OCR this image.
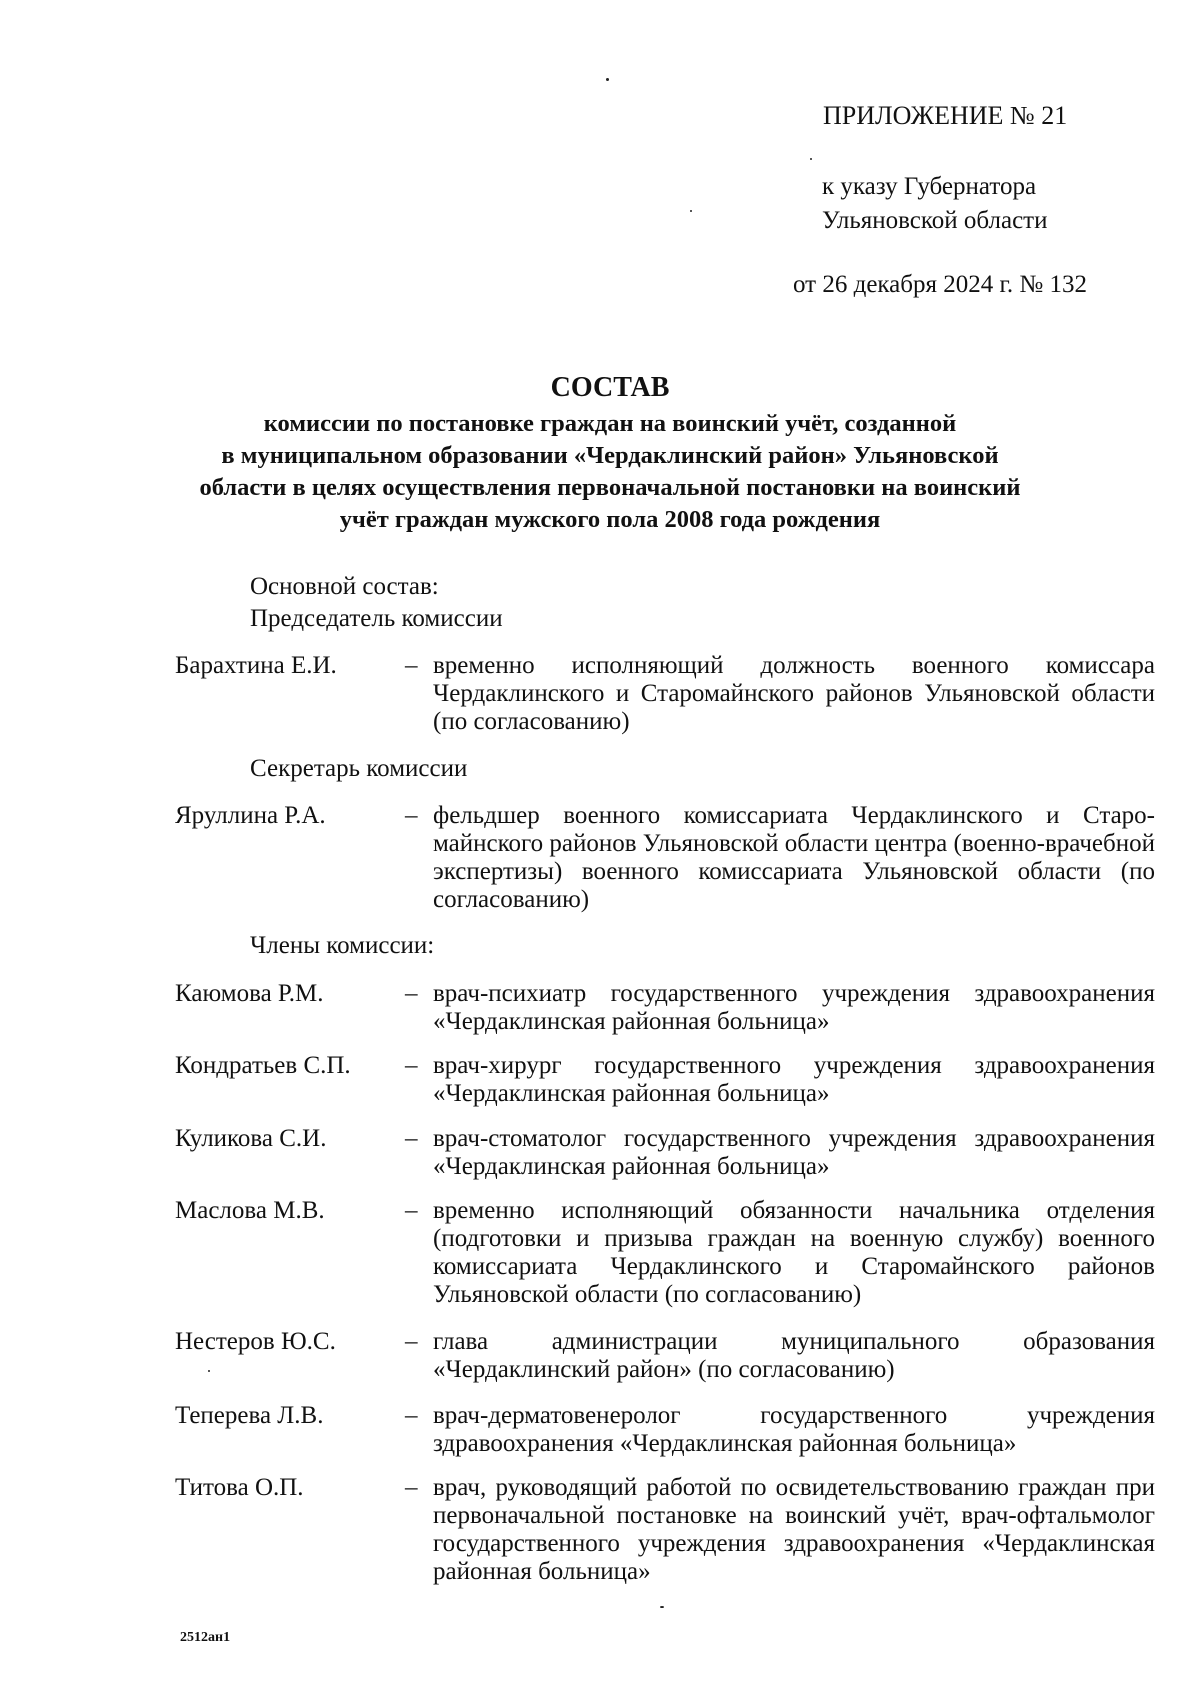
ПРИЛОЖЕНИЕ № 21
к указу Губернатора
Ульяновской области
от 26 декабря 2024 г. № 132
СОСТАВ
комиссии по постановке граждан на воинский учёт, созданной
в муниципальном образовании «Чердаклинский район» Ульяновской
области в целях осуществления первоначальной постановки на воинский
учёт граждан мужского пола 2008 года рождения
Основной состав:
Председатель комиссии
Барахтина Е.И.	– временно исполняющий должность военного комиссара Чердаклинского и Старомайнского районов Ульяновской области (по согласованию)
Секретарь комиссии
Яруллина Р.А.	– фельдшер военного комиссариата Чердаклинского и Старомайнского районов Ульяновской области центра (военно-врачебной экспертизы) военного комиссариата Ульяновской области (по согласованию)
Члены комиссии:
Каюмова Р.М.	– врач-психиатр государственного учреждения здравоохранения «Чердаклинская районная больница»
Кондратьев С.П. – врач-хирург государственного учреждения здравоохранения «Чердаклинская районная больница»
Куликова С.И.	– врач-стоматолог государственного учреждения здравоохранения «Чердаклинская районная больница»
Маслова М.В.	– временно исполняющий обязанности начальника отделения (подготовки и призыва граждан на военную службу) военного комиссариата Чердаклинского и Старомайнского районов Ульяновской области (по согласованию)
Нестеров Ю.С.	– глава администрации муниципального образования «Чердаклинский район» (по согласованию)
Теперева Л.В.	– врач-дерматовенеролог государственного учреждения здравоохранения «Чердаклинская районная больница»
Титова О.П.	– врач, руководящий работой по освидетельствованию граждан при первоначальной постановке на воинский учёт, врач-офтальмолог государственного учреждения здравоохранения «Чердаклинская районная больница»
2512ан1
